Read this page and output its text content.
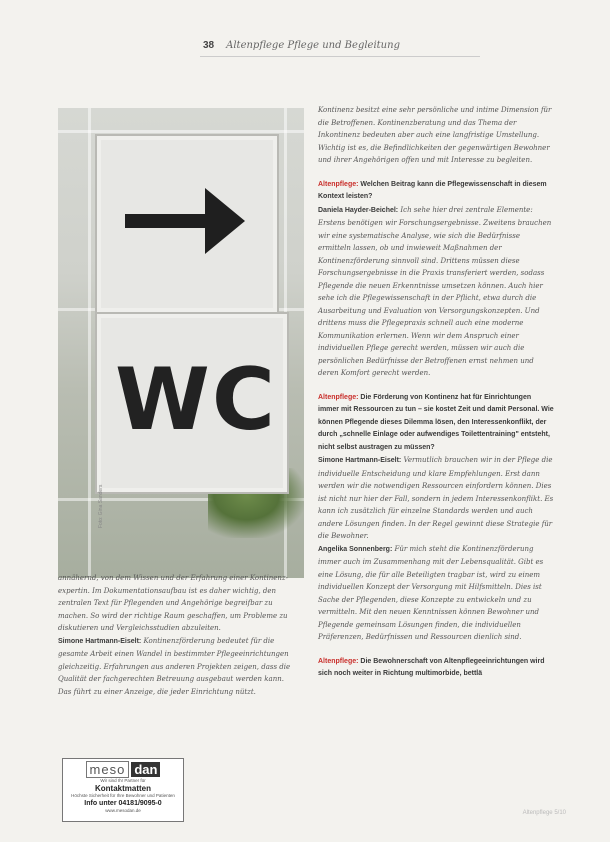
38 Altenpflege Pflege und Begleitung
WC
Foto: Gina Sanders

annähernd, von dem Wissen und der Erfahrung einer Kontinenz-expertin. Im Dokumentationsaufbau ist es daher wichtig, den zentralen Text für Pflegenden und Angehörige begreifbar zu machen. So wird der richtige Raum geschaffen, um Probleme zu diskutieren und Vergleichsstudien abzuleiten.

Simone Hartmann-Eiselt: Kontinenzförderung bedeutet für die gesamte Arbeit einen Wandel in bestimmter Pflegeeinrichtungen gleichzeitig. Erfahrungen aus anderen Projekten zeigen, dass die Qualität der fachgerechten Betreuung ausgebaut werden kann. Das führt zu einer Anzeige, die jeder Einrichtung nützt.

meso dan
Wir sind Ihr Partner für
Kontaktmatten
Höchste Sicherheit für Ihre Bewohner und Patienten
Info unter 04181/9095-0
www.mesodan.de

Kontinenz besitzt eine sehr persönliche und intime Dimension für die Betroffenen. Kontinenzberatung und das Thema der Inkontinenz bedeuten aber auch eine langfristige Umstellung. Wichtig ist es, die Befindlichkeiten der gegenwärtigen Bewohner und ihrer Angehörigen offen und mit Interesse zu begleiten.

Altenpflege: Welchen Beitrag kann die Pflegewissenschaft in diesem Kontext leisten?

Daniela Hayder-Beichel: Ich sehe hier drei zentrale Elemente: Erstens benötigen wir Forschungsergebnisse. Zweitens brauchen wir eine systematische Analyse, wie sich die Bedürfnisse ermitteln lassen, ob und inwieweit Maßnahmen der Kontinenzförderung sinnvoll sind. Drittens müssen diese Forschungsergebnisse in die Praxis transferiert werden, sodass Pflegende die neuen Erkenntnisse umsetzen können. Auch hier sehe ich die Pflegewissenschaft in der Pflicht, etwa durch die Ausarbeitung und Evaluation von Versorgungskonzepten. Und drittens muss die Pflegepraxis schnell auch eine moderne Kommunikation erlernen. Wenn wir dem Anspruch einer individuellen Pflege gerecht werden, müssen wir auch die persönlichen Bedürfnisse der Betroffenen ernst nehmen und deren Komfort gerecht werden.

Altenpflege: Die Förderung von Kontinenz hat für Einrichtungen immer mit Ressourcen zu tun – sie kostet Zeit und damit Personal. Wie können Pflegende dieses Dilemma lösen, den Interessenkonflikt, der durch „schnelle Einlage oder aufwendiges Toilettentraining" entsteht, nicht selbst austragen zu müssen?

Simone Hartmann-Eiselt: Vermutlich brauchen wir in der Pflege die individuelle Entscheidung und klare Empfehlungen. Erst dann werden wir die notwendigen Ressourcen einfordern können. Dies ist nicht nur hier der Fall, sondern in jedem Interessenkonflikt. Es kann ich zusätzlich für einzelne Standards werden und auch andere Lösungen finden. In der Regel gewinnt diese Strategie für die Bewohner.

Angelika Sonnenberg: Für mich steht die Kontinenzförderung immer auch im Zusammenhang mit der Lebensqualität. Gibt es eine Lösung, die für alle Beteiligten tragbar ist, wird zu einem individuellen Konzept der Versorgung mit Hilfsmitteln. Dies ist Sache der Pflegenden, diese Konzepte zu entwickeln und zu vermitteln. Mit den neuen Kenntnissen können Bewohner und Pflegende gemeinsam Lösungen finden, die individuellen Präferenzen, Bedürfnissen und Ressourcen dienlich sind.

Altenpflege: Die Bewohnerschaft von Altenpflegeeinrichtungen wird sich noch weiter in Richtung multimorbide, bettlä

Altenpflege 5/10
